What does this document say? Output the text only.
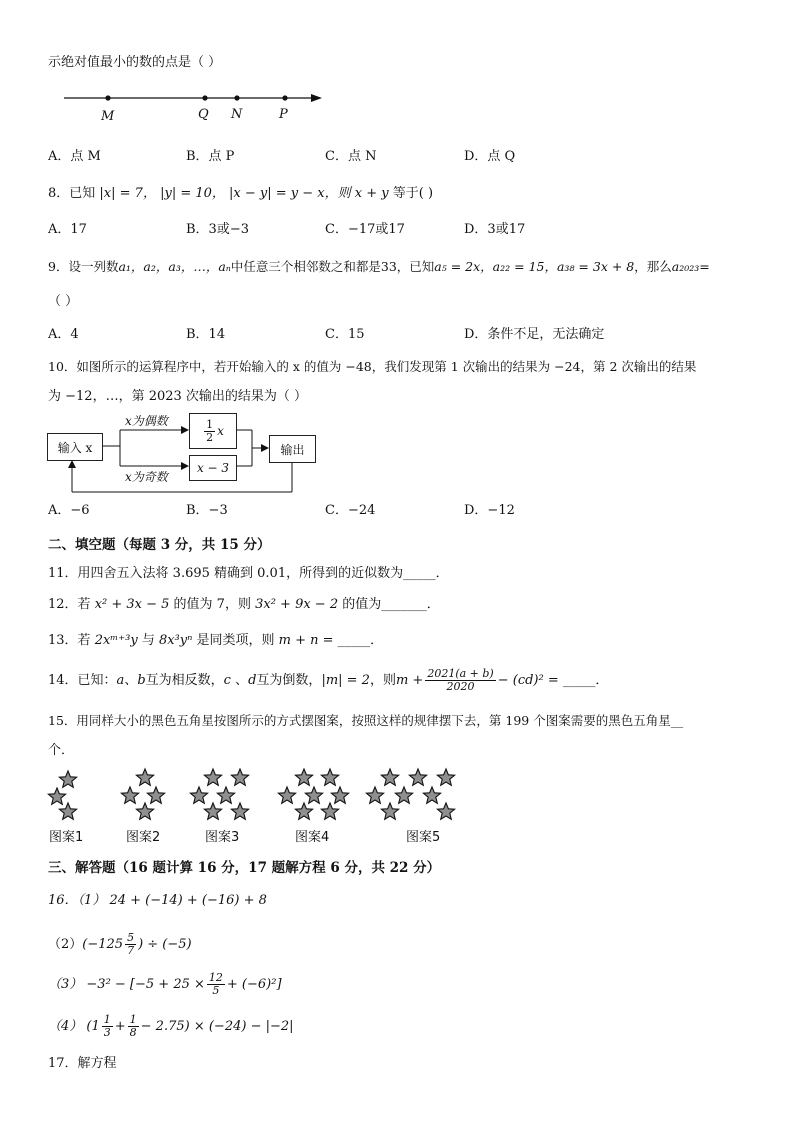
示绝对值最小的数的点是（ ）
M	Q N	P
A．点 M	B．点 P	C．点 N	D．点 Q
8．已知 |x| = 7， |y| = 10， |x − y| = y − x，则 x + y 等于( )
A．17	B．3或−3	C．−17或17	D．3或17
9．设一列数a₁，a₂，a₃，…，aₙ中任意三个相邻数之和都是33，已知a₅ = 2x，a₂₂ = 15，a₃₈ = 3x + 8，那么a₂₀₂₃=
（ ）
A．4	B．14	C．15	D．条件不足，无法确定
10．如图所示的运算程序中，若开始输入的 x 的值为 −48，我们发现第 1 次输出的结果为 −24，第 2 次输出的结果
为 −12，…，第 2023 次输出的结果为（ ）
输入 x
x为偶数
x为奇数
$\frac{1}{2}$ x
x − 3
输出
A．−6	B．−3	C．−24	D．−12
二、填空题（每题 3 分，共 15 分）
11．用四舍五入法将 3.695 精确到 0.01，所得到的近似数为_____．
12．若 x² + 3x − 5 的值为 7，则 3x² + 9x − 2 的值为_______．
13．若 2xᵐ⁺³y 与 8x³yⁿ 是同类项，则 m + n = _____．
14．已知：a、b互为相反数，c 、d互为倒数，|m| = 2，则$m + \frac{2021(a + b)}{2020} - (cd)^2$ = _____．
15．用同样大小的黑色五角星按图所示的方式摆图案，按照这样的规律摆下去，第 199 个图案需要的黑色五角星__
个．
图案1	图案2	图案3	图案4	图案5
三、解答题（16 题计算 16 分，17 题解方程 6 分，共 22 分）
16．（1） 24 + (−14) + (−16) + 8
$(2)(-125 \frac{5}{7}$ ) ÷ (−5)
$(3) -3^2 - [-5 + 25 \times \frac{12}{5} + (-6)^2]$
（4） $(1 \frac{1}{3} + \frac{1}{8} - 2.75) \times (-24) - |-2|$
17．解方程
